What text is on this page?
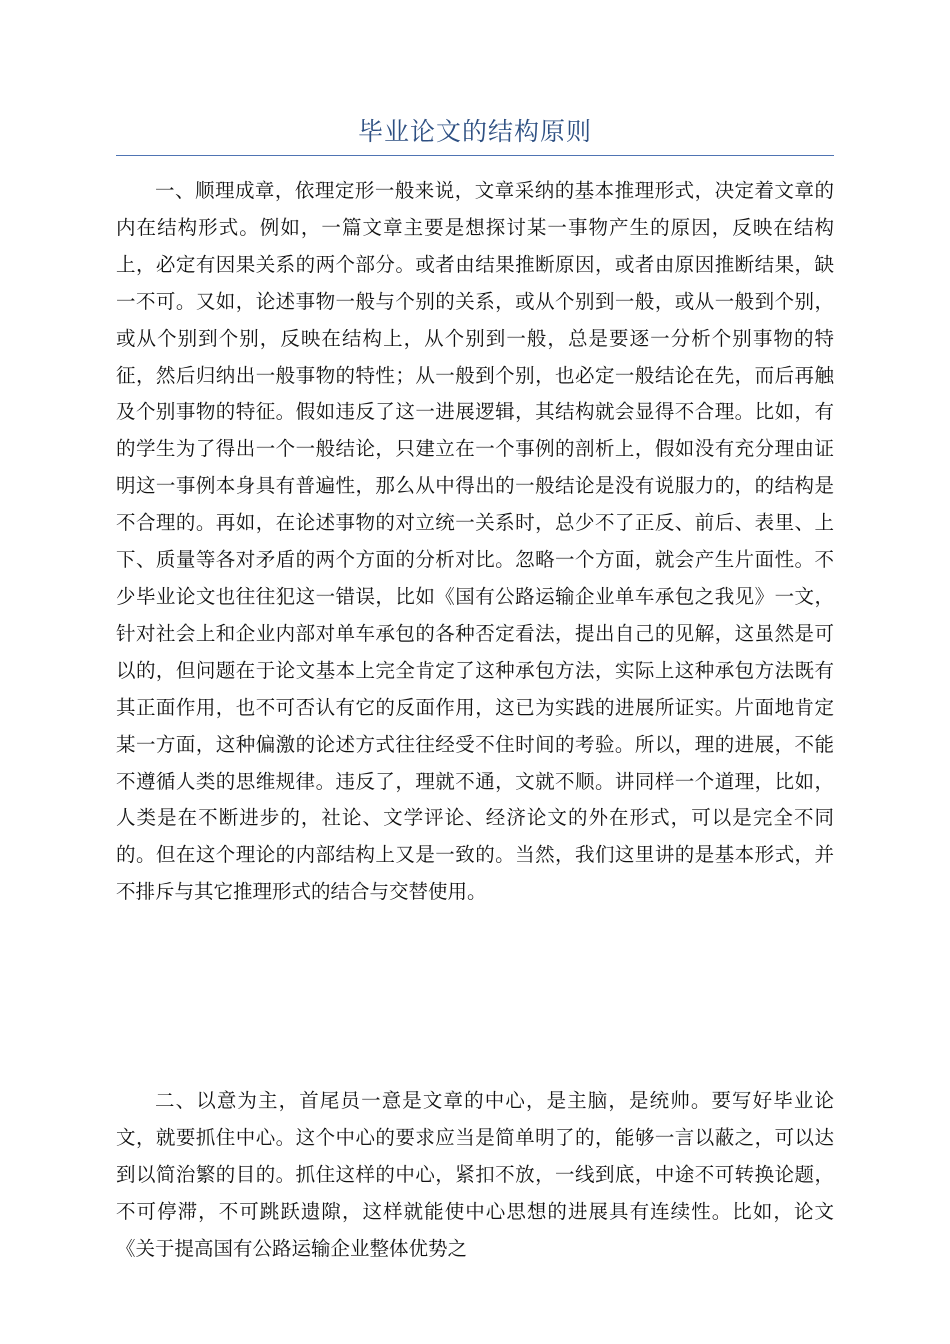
毕业论文的结构原则

一、顺理成章，依理定形一般来说，文章采纳的基本推理形式，决定着文章的内在结构形式。例如，一篇文章主要是想探讨某一事物产生的原因，反映在结构上，必定有因果关系的两个部分。或者由结果推断原因，或者由原因推断结果，缺一不可。又如，论述事物一般与个别的关系，或从个别到一般，或从一般到个别，或从个别到个别，反映在结构上，从个别到一般，总是要逐一分析个别事物的特征，然后归纳出一般事物的特性；从一般到个别，也必定一般结论在先，而后再触及个别事物的特征。假如违反了这一进展逻辑，其结构就会显得不合理。比如，有的学生为了得出一个一般结论，只建立在一个事例的剖析上，假如没有充分理由证明这一事例本身具有普遍性，那么从中得出的一般结论是没有说服力的，的结构是不合理的。再如，在论述事物的对立统一关系时，总少不了正反、前后、表里、上下、质量等各对矛盾的两个方面的分析对比。忽略一个方面，就会产生片面性。不少毕业论文也往往犯这一错误，比如《国有公路运输企业单车承包之我见》一文，针对社会上和企业内部对单车承包的各种否定看法，提出自己的见解，这虽然是可以的，但问题在于论文基本上完全肯定了这种承包方法，实际上这种承包方法既有其正面作用，也不可否认有它的反面作用，这已为实践的进展所证实。片面地肯定某一方面，这种偏激的论述方式往往经受不住时间的考验。所以，理的进展，不能不遵循人类的思维规律。违反了，理就不通，文就不顺。讲同样一个道理，比如，人类是在不断进步的，社论、文学评论、经济论文的外在形式，可以是完全不同的。但在这个理论的内部结构上又是一致的。当然，我们这里讲的是基本形式，并不排斥与其它推理形式的结合与交替使用。

二、以意为主，首尾员一意是文章的中心，是主脑，是统帅。要写好毕业论文，就要抓住中心。这个中心的要求应当是简单明了的，能够一言以蔽之，可以达到以简治繁的目的。抓住这样的中心，紧扣不放，一线到底，中途不可转换论题，不可停滞，不可跳跃遗隙，这样就能使中心思想的进展具有连续性。比如，论文《关于提高国有公路运输企业整体优势之
